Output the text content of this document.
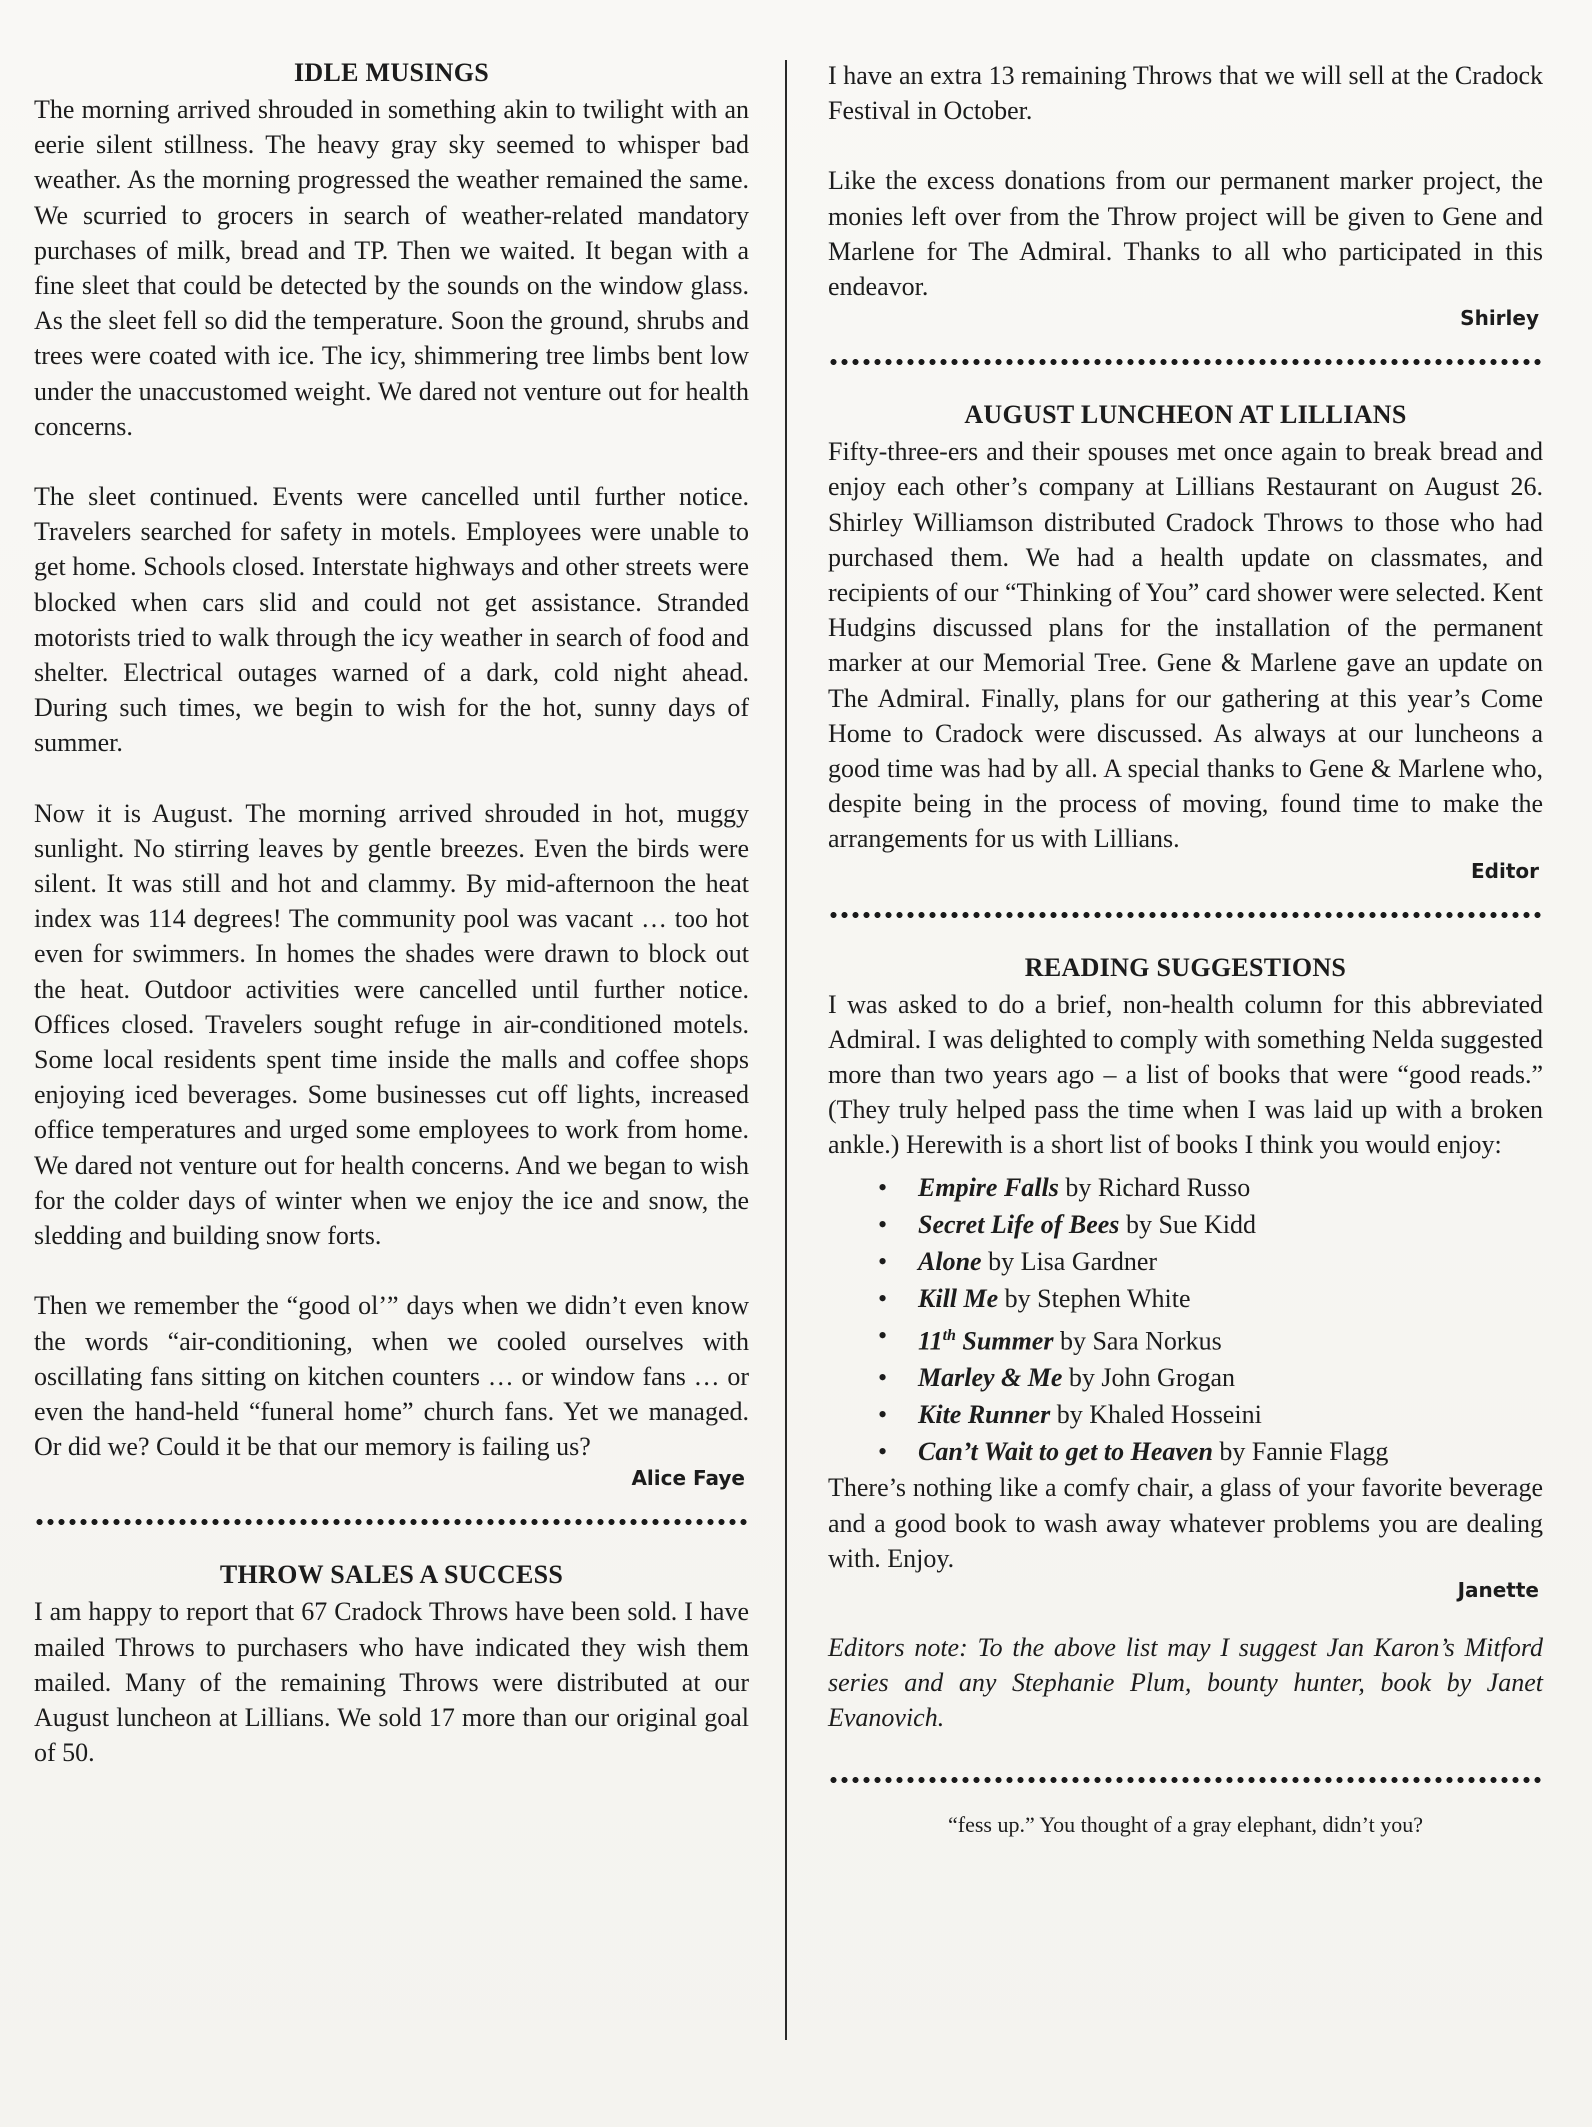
IDLE MUSINGS

The morning arrived shrouded in something akin to twilight with an eerie silent stillness. The heavy gray sky seemed to whisper bad weather. As the morning progressed the weather remained the same. We scurried to grocers in search of weather-related mandatory purchases of milk, bread and TP. Then we waited. It began with a fine sleet that could be detected by the sounds on the window glass. As the sleet fell so did the temperature. Soon the ground, shrubs and trees were coated with ice. The icy, shimmering tree limbs bent low under the unaccustomed weight. We dared not venture out for health concerns.

The sleet continued. Events were cancelled until further notice. Travelers searched for safety in motels. Employees were unable to get home. Schools closed. Interstate highways and other streets were blocked when cars slid and could not get assistance. Stranded motorists tried to walk through the icy weather in search of food and shelter. Electrical outages warned of a dark, cold night ahead. During such times, we begin to wish for the hot, sunny days of summer.

Now it is August. The morning arrived shrouded in hot, muggy sunlight. No stirring leaves by gentle breezes. Even the birds were silent. It was still and hot and clammy. By mid-afternoon the heat index was 114 degrees! The community pool was vacant … too hot even for swimmers. In homes the shades were drawn to block out the heat. Outdoor activities were cancelled until further notice. Offices closed. Travelers sought refuge in air-conditioned motels. Some local residents spent time inside the malls and coffee shops enjoying iced beverages. Some businesses cut off lights, increased office temperatures and urged some employees to work from home. We dared not venture out for health concerns. And we began to wish for the colder days of winter when we enjoy the ice and snow, the sledding and building snow forts.

Then we remember the “good ol’” days when we didn’t even know the words “air-conditioning, when we cooled ourselves with oscillating fans sitting on kitchen counters … or window fans … or even the hand-held “funeral home” church fans. Yet we managed. Or did we? Could it be that our memory is failing us?

Alice Faye
THROW SALES A SUCCESS

I am happy to report that 67 Cradock Throws have been sold. I have mailed Throws to purchasers who have indicated they wish them mailed. Many of the remaining Throws were distributed at our August luncheon at Lillians. We sold 17 more than our original goal of 50.

I have an extra 13 remaining Throws that we will sell at the Cradock Festival in October.

Like the excess donations from our permanent marker project, the monies left over from the Throw project will be given to Gene and Marlene for The Admiral. Thanks to all who participated in this endeavor.

Shirley
AUGUST LUNCHEON AT LILLIANS

Fifty-three-ers and their spouses met once again to break bread and enjoy each other’s company at Lillians Restaurant on August 26. Shirley Williamson distributed Cradock Throws to those who had purchased them. We had a health update on classmates, and recipients of our “Thinking of You” card shower were selected. Kent Hudgins discussed plans for the installation of the permanent marker at our Memorial Tree. Gene & Marlene gave an update on The Admiral. Finally, plans for our gathering at this year’s Come Home to Cradock were discussed. As always at our luncheons a good time was had by all. A special thanks to Gene & Marlene who, despite being in the process of moving, found time to make the arrangements for us with Lillians.

Editor
READING SUGGESTIONS

I was asked to do a brief, non-health column for this abbreviated Admiral. I was delighted to comply with something Nelda suggested more than two years ago – a list of books that were “good reads.” (They truly helped pass the time when I was laid up with a broken ankle.) Herewith is a short list of books I think you would enjoy:

• Empire Falls by Richard Russo
• Secret Life of Bees by Sue Kidd
• Alone by Lisa Gardner
• Kill Me by Stephen White
• 11th Summer by Sara Norkus
• Marley & Me by John Grogan
• Kite Runner by Khaled Hosseini
• Can’t Wait to get to Heaven by Fannie Flagg

There’s nothing like a comfy chair, a glass of your favorite beverage and a good book to wash away whatever problems you are dealing with. Enjoy.

Janette

Editors note: To the above list may I suggest Jan Karon’s Mitford series and any Stephanie Plum, bounty hunter, book by Janet Evanovich.

“fess up.” You thought of a gray elephant, didn’t you?
